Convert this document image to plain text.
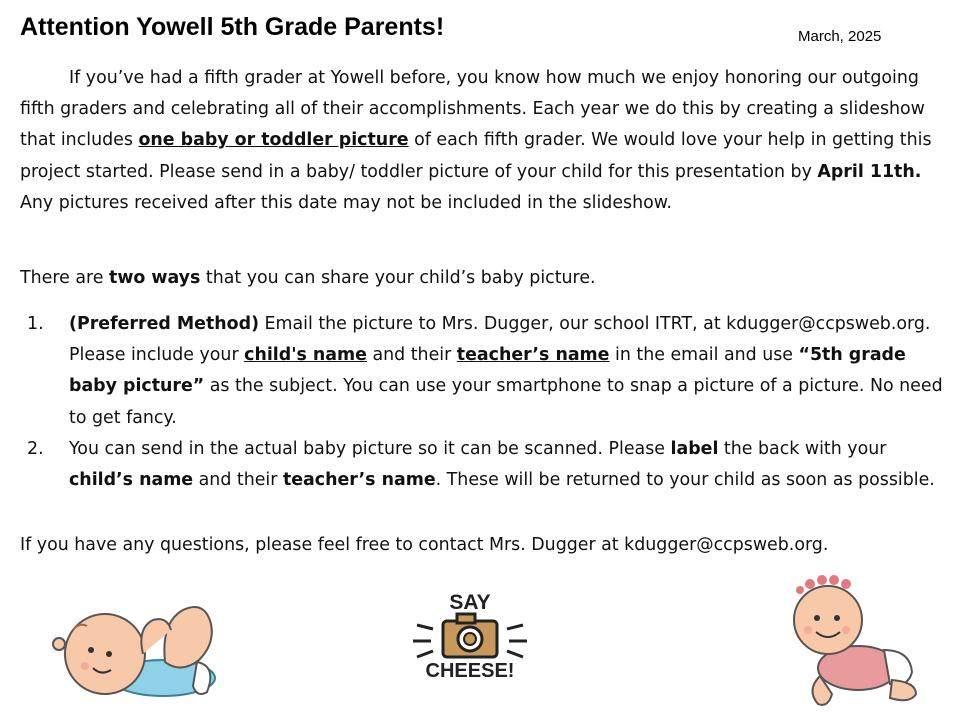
Attention Yowell 5th Grade Parents!	March, 2025

If you’ve had a fifth grader at Yowell before, you know how much we enjoy honoring our outgoing fifth graders and celebrating all of their accomplishments. Each year we do this by creating a slideshow that includes one baby or toddler picture of each fifth grader. We would love your help in getting this project started. Please send in a baby/ toddler picture of your child for this presentation by April 11th. Any pictures received after this date may not be included in the slideshow.

There are two ways that you can share your child’s baby picture.

1. (Preferred Method) Email the picture to Mrs. Dugger, our school ITRT, at kdugger@ccpsweb.org. Please include your child's name and their teacher’s name in the email and use “5th grade baby picture” as the subject. You can use your smartphone to snap a picture of a picture. No need to get fancy.
2. You can send in the actual baby picture so it can be scanned. Please label the back with your child’s name and their teacher’s name. These will be returned to your child as soon as possible.

If you have any questions, please feel free to contact Mrs. Dugger at kdugger@ccpsweb.org.

SAY
CHEESE!
